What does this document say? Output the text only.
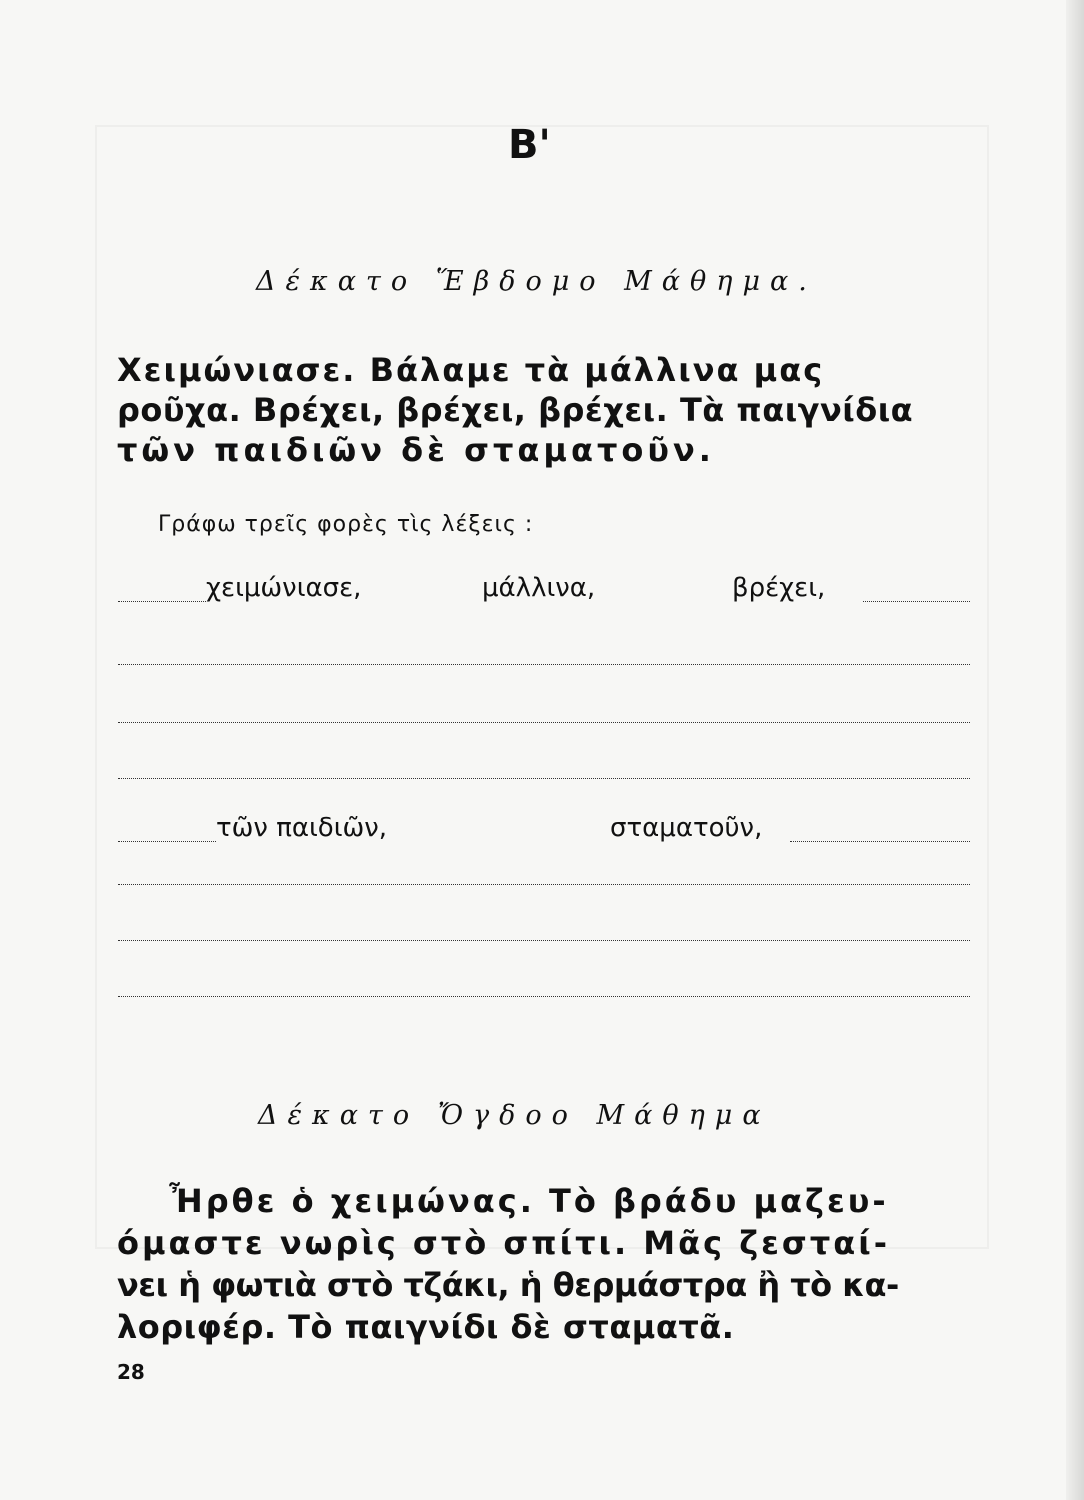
B'
Δέκατο Ἕβδομο Μάθημα.
Χειμώνιασε. Βάλαμε τὰ μάλλινα μας
ροῦχα. Βρέχει, βρέχει, βρέχει. Τὰ παιγνίδια
τῶν παιδιῶν δὲ σταματοῦν.
Γράφω τρεῖς φορὲς τὶς λέξεις :
χειμώνιασε,	μάλλινα,	βρέχει,
τῶν παιδιῶν,	σταματοῦν,
Δέκατο Ὄγδοο Μάθημα
Ἦρθε ὁ χειμώνας. Τὸ βράδυ μαζευ-
όμαστε νωρὶς στὸ σπίτι. Μᾶς ζεσταί-
νει ἡ φωτιὰ στὸ τζάκι, ἡ θερμάστρα ἢ τὸ κα-
λοριφέρ. Τὸ παιγνίδι δὲ σταματᾶ.
28
